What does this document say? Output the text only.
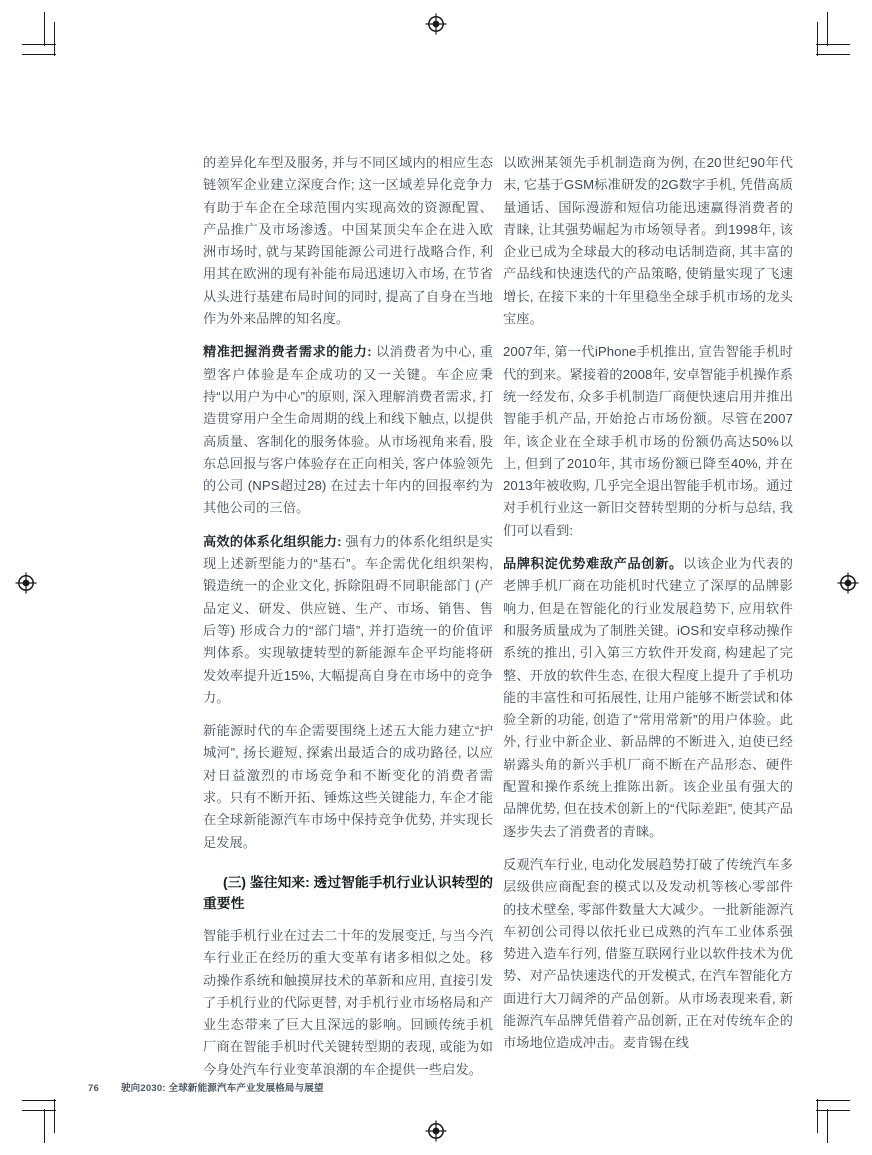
的差异化车型及服务, 并与不同区域内的相应生态链领军企业建立深度合作; 这一区域差异化竞争力有助于车企在全球范围内实现高效的资源配置、产品推广及市场渗透。中国某顶尖车企在进入欧洲市场时, 就与某跨国能源公司进行战略合作, 利用其在欧洲的现有补能布局迅速切入市场, 在节省从头进行基建布局时间的同时, 提高了自身在当地作为外来品牌的知名度。

精准把握消费者需求的能力: 以消费者为中心, 重塑客户体验是车企成功的又一关键。车企应秉持“以用户为中心”的原则, 深入理解消费者需求, 打造贯穿用户全生命周期的线上和线下触点, 以提供高质量、客制化的服务体验。从市场视角来看, 股东总回报与客户体验存在正向相关, 客户体验领先的公司 (NPS超过28) 在过去十年内的回报率约为其他公司的三倍。

高效的体系化组织能力: 强有力的体系化组织是实现上述新型能力的“基石”。车企需优化组织架构, 锻造统一的企业文化, 拆除阻碍不同职能部门 (产品定义、研发、供应链、生产、市场、销售、售后等) 形成合力的“部门墙”, 并打造统一的价值评判体系。实现敏捷转型的新能源车企平均能将研发效率提升近15%, 大幅提高自身在市场中的竞争力。

新能源时代的车企需要围绕上述五大能力建立“护城河”, 扬长避短, 探索出最适合的成功路径, 以应对日益激烈的市场竞争和不断变化的消费者需求。只有不断开拓、锤炼这些关键能力, 车企才能在全球新能源汽车市场中保持竞争优势, 并实现长足发展。

(三) 鉴往知来: 透过智能手机行业认识转型的重要性

智能手机行业在过去二十年的发展变迁, 与当今汽车行业正在经历的重大变革有诸多相似之处。移动操作系统和触摸屏技术的革新和应用, 直接引发了手机行业的代际更替, 对手机行业市场格局和产业生态带来了巨大且深远的影响。回顾传统手机厂商在智能手机时代关键转型期的表现, 或能为如今身处汽车行业变革浪潮的车企提供一些启发。

以欧洲某领先手机制造商为例, 在20世纪90年代末, 它基于GSM标准研发的2G数字手机, 凭借高质量通话、国际漫游和短信功能迅速赢得消费者的青睐, 让其强势崛起为市场领导者。到1998年, 该企业已成为全球最大的移动电话制造商, 其丰富的产品线和快速迭代的产品策略, 使销量实现了飞速增长, 在接下来的十年里稳坐全球手机市场的龙头宝座。

2007年, 第一代iPhone手机推出, 宣告智能手机时代的到来。紧接着的2008年, 安卓智能手机操作系统一经发布, 众多手机制造厂商便快速启用并推出智能手机产品, 开始抢占市场份额。尽管在2007年, 该企业在全球手机市场的份额仍高达50%以上, 但到了2010年, 其市场份额已降至40%, 并在2013年被收购, 几乎完全退出智能手机市场。通过对手机行业这一新旧交替转型期的分析与总结, 我们可以看到:

品牌积淀优势难敌产品创新。以该企业为代表的老牌手机厂商在功能机时代建立了深厚的品牌影响力, 但是在智能化的行业发展趋势下, 应用软件和服务质量成为了制胜关键。iOS和安卓移动操作系统的推出, 引入第三方软件开发商, 构建起了完整、开放的软件生态, 在很大程度上提升了手机功能的丰富性和可拓展性, 让用户能够不断尝试和体验全新的功能, 创造了“常用常新”的用户体验。此外, 行业中新企业、新品牌的不断进入, 迫使已经崭露头角的新兴手机厂商不断在产品形态、硬件配置和操作系统上推陈出新。该企业虽有强大的品牌优势, 但在技术创新上的“代际差距”, 使其产品逐步失去了消费者的青睐。

反观汽车行业, 电动化发展趋势打破了传统汽车多层级供应商配套的模式以及发动机等核心零部件的技术壁垒, 零部件数量大大减少。一批新能源汽车初创公司得以依托业已成熟的汽车工业体系强势进入造车行列, 借鉴互联网行业以软件技术为优势、对产品快速迭代的开发模式, 在汽车智能化方面进行大刀阔斧的产品创新。从市场表现来看, 新能源汽车品牌凭借着产品创新, 正在对传统车企的市场地位造成冲击。麦肯锡在线

76 驶向2030: 全球新能源汽车产业发展格局与展望
